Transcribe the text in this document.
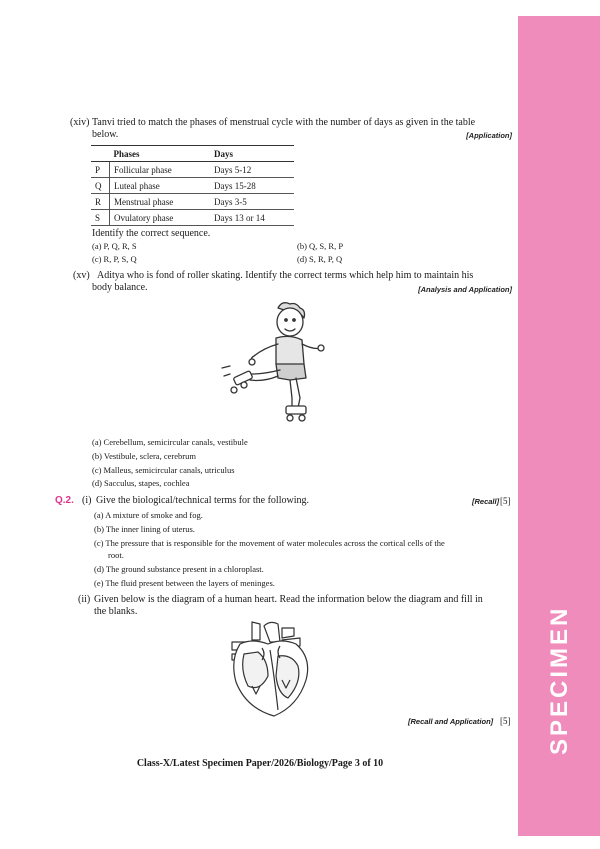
SPECIMEN
(xiv) Tanvi tried to match the phases of menstrual cycle with the number of days as given in the table
below.	[Application]
	Phases	Days
P	Follicular phase	Days 5-12
Q	Luteal phase	Days 15-28
R	Menstrual phase	Days 3-5
S	Ovulatory phase	Days 13 or 14
Identify the correct sequence.
(a) P, Q, R, S	(b) Q, S, R, P
(c) R, P, S, Q	(d) S, R, P, Q
(xv) Aditya who is fond of roller skating. Identify the correct terms which help him to maintain his
body balance.	[Analysis and Application]
(a) Cerebellum, semicircular canals, vestibule
(b) Vestibule, sclera, cerebrum
(c) Malleus, semicircular canals, utriculus
(d) Sacculus, stapes, cochlea
Q.2. (i) Give the biological/technical terms for the following.	[Recall] [5]
(a) A mixture of smoke and fog.
(b) The inner lining of uterus.
(c) The pressure that is responsible for the movement of water molecules across the cortical cells of the
root.
(d) The ground substance present in a chloroplast.
(e) The fluid present between the layers of meninges.
(ii) Given below is the diagram of a human heart. Read the information below the diagram and fill in
the blanks.
[Recall and Application] [5]
Class-X/Latest Specimen Paper/2026/Biology/Page 3 of 10
